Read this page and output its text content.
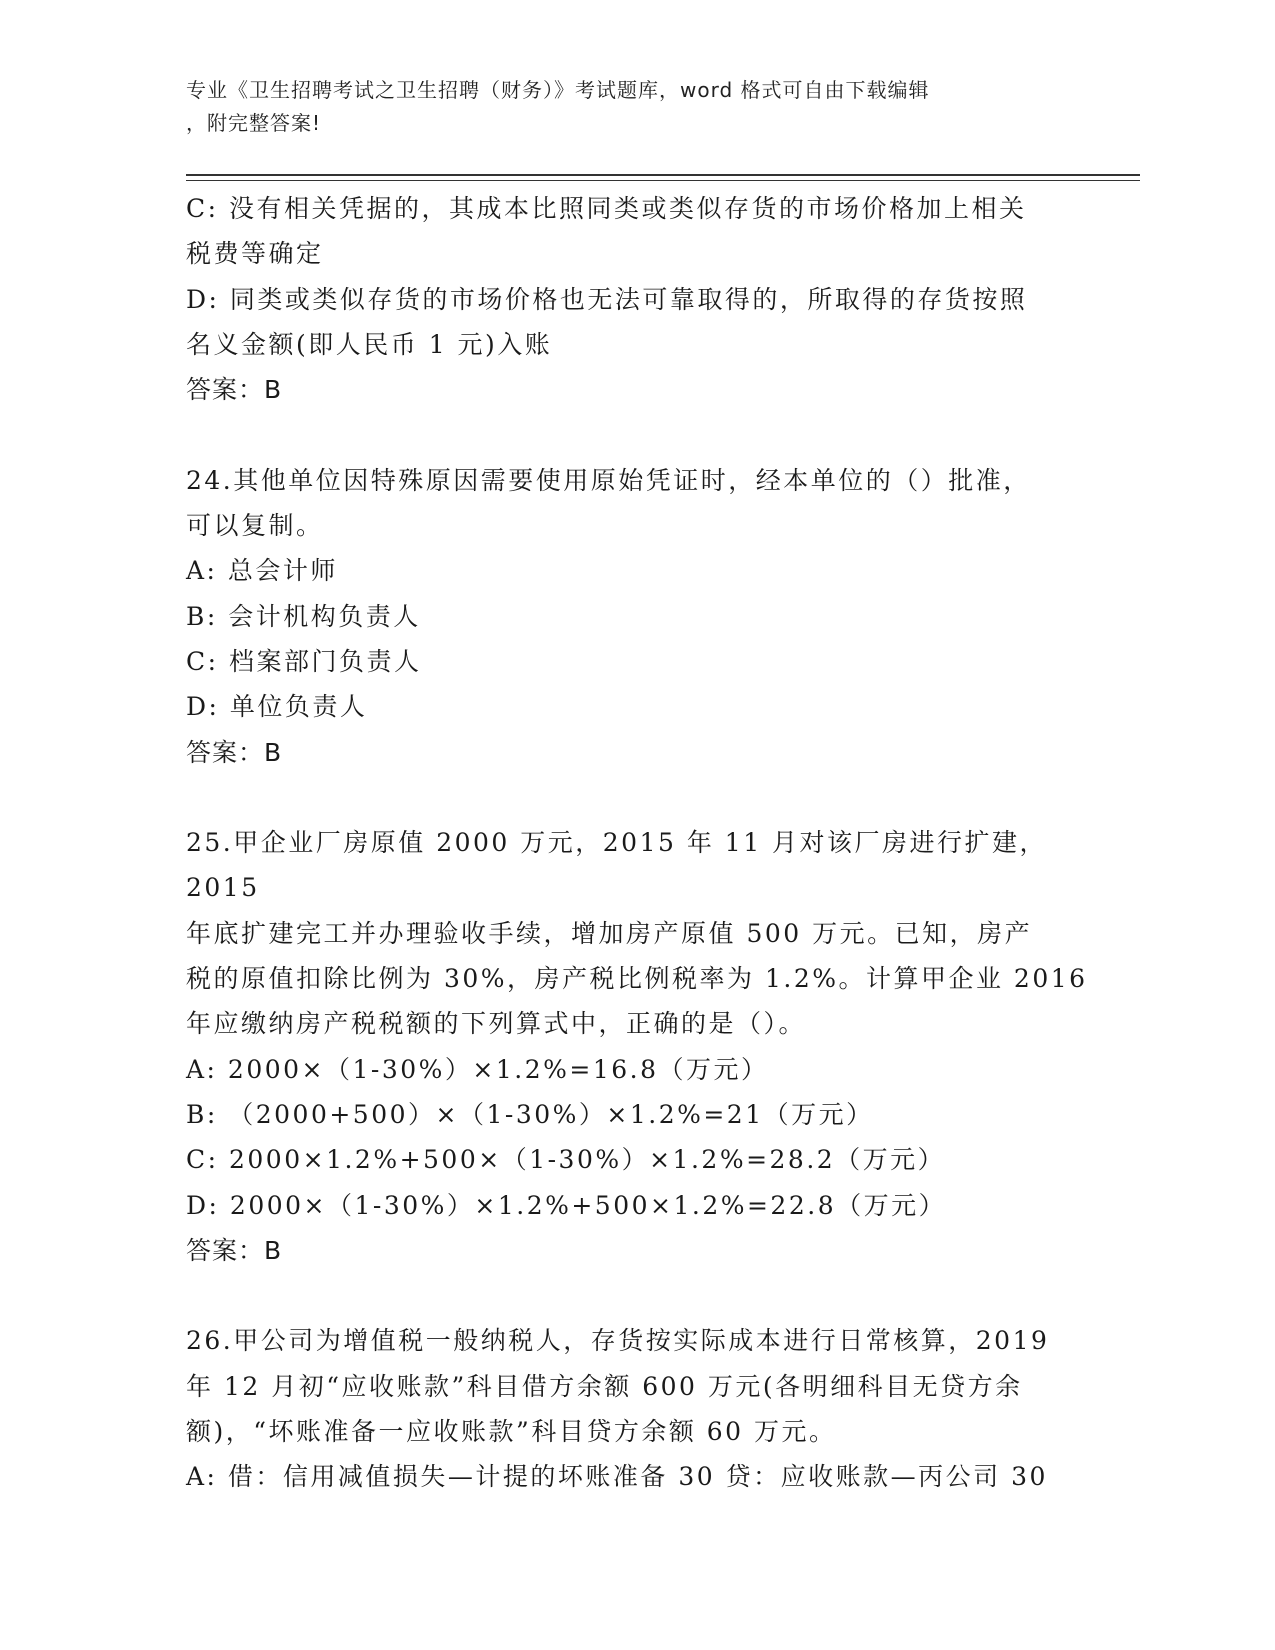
专业《卫生招聘考试之卫生招聘（财务）》考试题库，word 格式可自由下载编辑
，附完整答案!

C: 没有相关凭据的，其成本比照同类或类似存货的市场价格加上相关

税费等确定

D: 同类或类似存货的市场价格也无法可靠取得的，所取得的存货按照

名义金额(即人民币 1 元)入账

答案：B

24.其他单位因特殊原因需要使用原始凭证时，经本单位的（）批准，

可以复制。

A: 总会计师

B: 会计机构负责人

C: 档案部门负责人

D: 单位负责人

答案：B

25.甲企业厂房原值 2000 万元，2015 年 11 月对该厂房进行扩建，2015

年底扩建完工并办理验收手续，增加房产原值 500 万元。已知，房产

税的原值扣除比例为 30%，房产税比例税率为 1.2%。计算甲企业 2016

年应缴纳房产税税额的下列算式中，正确的是（）。

A: 2000×（1-30%）×1.2%=16.8（万元）

B: （2000+500）×（1-30%）×1.2%=21（万元）

C: 2000×1.2%+500×（1-30%）×1.2%=28.2（万元）

D: 2000×（1-30%）×1.2%+500×1.2%=22.8（万元）

答案：B

26.甲公司为增值税一般纳税人，存货按实际成本进行日常核算，2019

年 12 月初“应收账款”科目借方余额 600 万元(各明细科目无贷方余

额)，“坏账准备一应收账款”科目贷方余额 60 万元。

A: 借：信用减值损失—计提的坏账准备 30 贷：应收账款—丙公司 30
